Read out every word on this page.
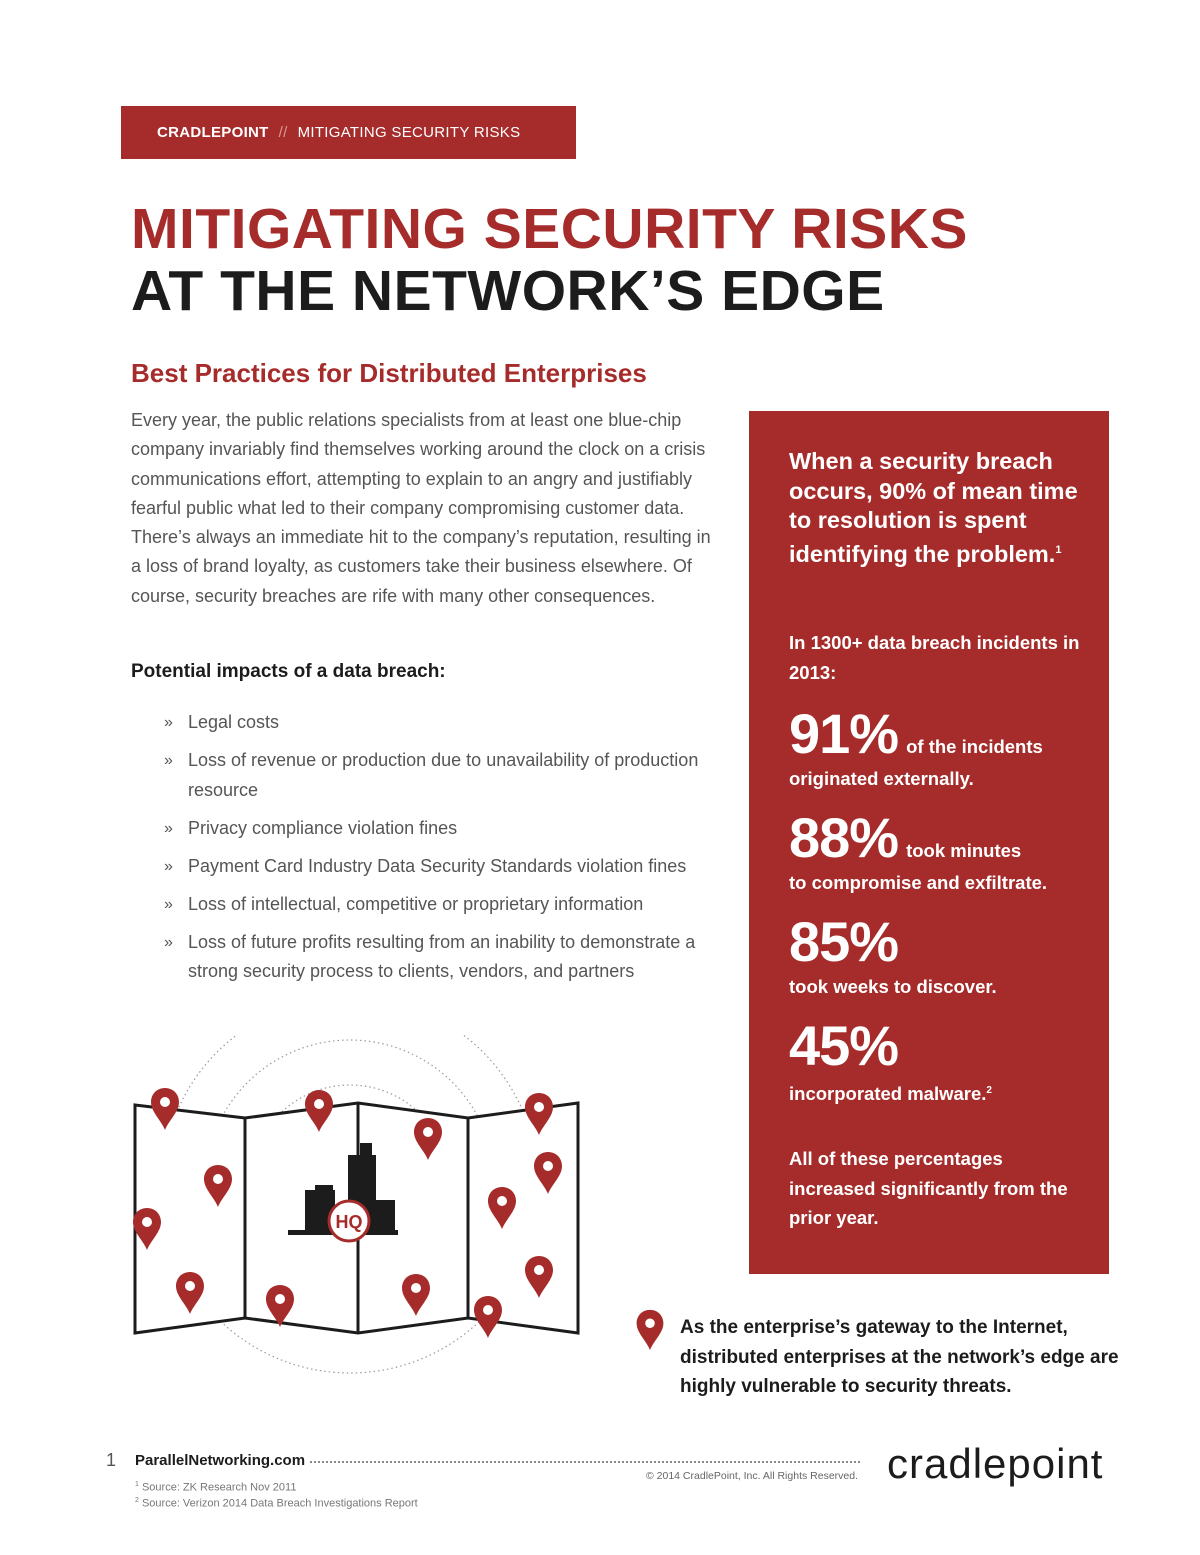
CRADLEPOINT // MITIGATING SECURITY RISKS
MITIGATING SECURITY RISKS
AT THE NETWORK’S EDGE
Best Practices for Distributed Enterprises
Every year, the public relations specialists from at least one blue-chip company invariably find themselves working around the clock on a crisis communications effort, attempting to explain to an angry and justifiably fearful public what led to their company compromising customer data. There’s always an immediate hit to the company’s reputation, resulting in a loss of brand loyalty, as customers take their business elsewhere. Of course, security breaches are rife with many other consequences.
Potential impacts of a data breach:
» Legal costs
» Loss of revenue or production due to unavailability of production resource
» Privacy compliance violation fines
» Payment Card Industry Data Security Standards violation fines
» Loss of intellectual, competitive or proprietary information
» Loss of future profits resulting from an inability to demonstrate a strong security process to clients, vendors, and partners
When a security breach occurs, 90% of mean time to resolution is spent identifying the problem.$^1$
In 1300+ data breach incidents in 2013:
91% of the incidents
originated externally.
88% took minutes
to compromise and exfiltrate.
85%
took weeks to discover.
45%
incorporated malware.$^2$
All of these percentages increased significantly from the prior year.
HQ
As the enterprise’s gateway to the Internet, distributed enterprises at the network’s edge are highly vulnerable to security threats.
1 ParallelNetworking.com
© 2014 CradlePoint, Inc. All Rights Reserved.
$^1$ Source: ZK Research Nov 2011
$^2$ Source: Verizon 2014 Data Breach Investigations Report
cradlepoint
